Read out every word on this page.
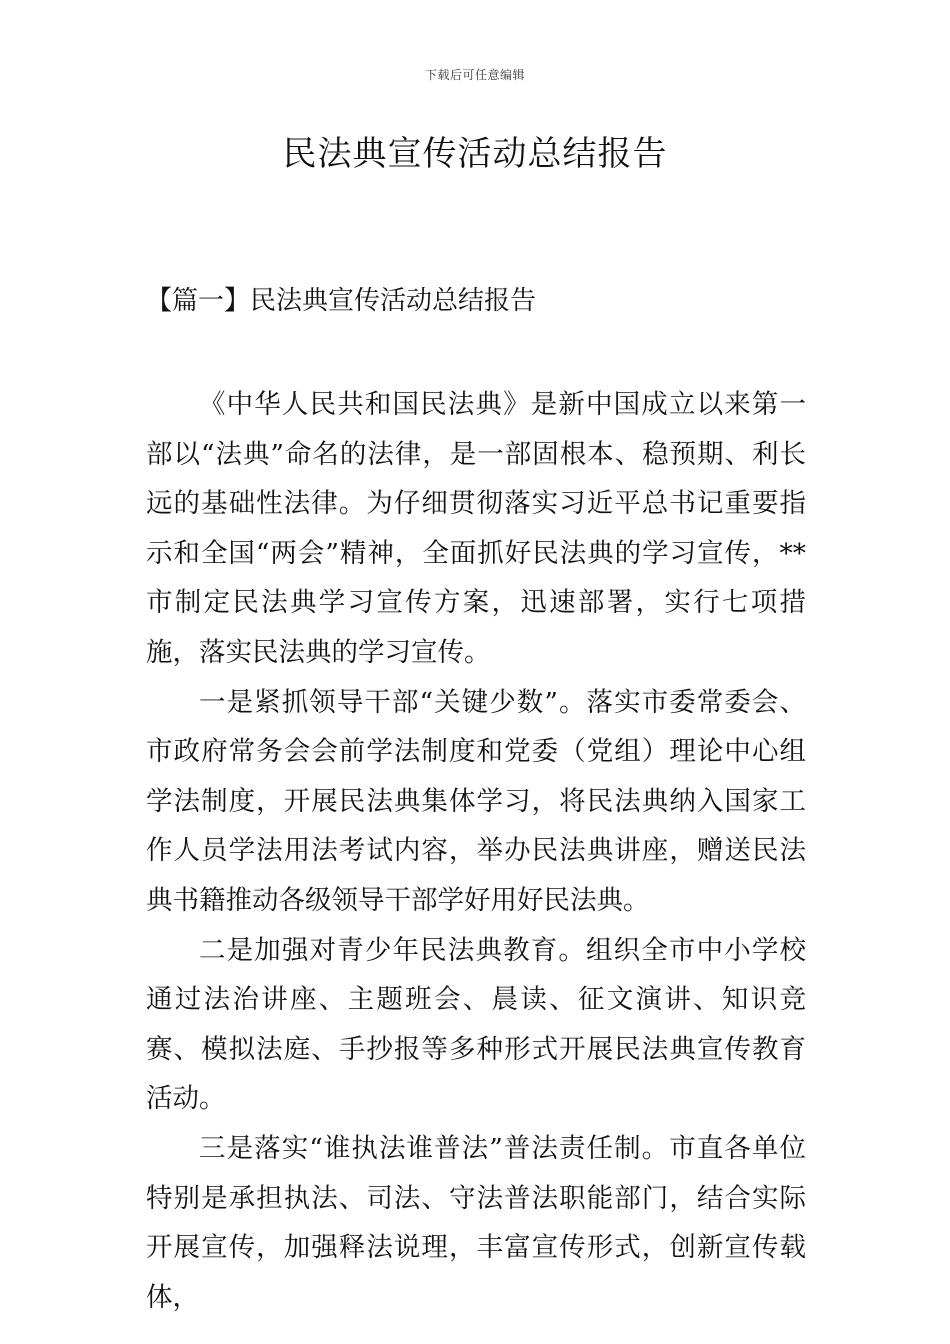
下载后可任意编辑
民法典宣传活动总结报告
【篇一】民法典宣传活动总结报告

《中华人民共和国民法典》是新中国成立以来第一部以“法典”命名的法律，是一部固根本、稳预期、利长远的基础性法律。为仔细贯彻落实习近平总书记重要指示和全国“两会”精神，全面抓好民法典的学习宣传，**市制定民法典学习宣传方案，迅速部署，实行七项措施，落实民法典的学习宣传。

一是紧抓领导干部“关键少数”。落实市委常委会、市政府常务会会前学法制度和党委（党组）理论中心组学法制度，开展民法典集体学习，将民法典纳入国家工作人员学法用法考试内容，举办民法典讲座，赠送民法典书籍推动各级领导干部学好用好民法典。

二是加强对青少年民法典教育。组织全市中小学校通过法治讲座、主题班会、晨读、征文演讲、知识竞赛、模拟法庭、手抄报等多种形式开展民法典宣传教育活动。

三是落实“谁执法谁普法”普法责任制。市直各单位特别是承担执法、司法、守法普法职能部门，结合实际开展宣传，加强释法说理，丰富宣传形式，创新宣传载体，
